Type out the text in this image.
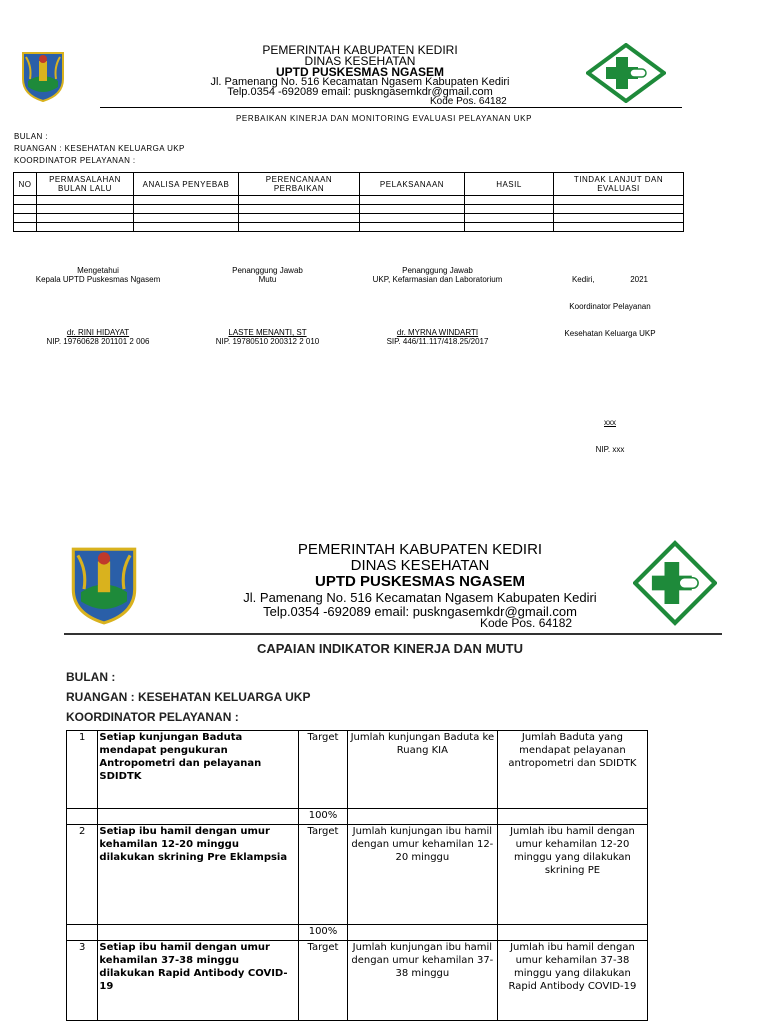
PEMERINTAH KABUPATEN KEDIRI
DINAS KESEHATAN
UPTD PUSKESMAS NGASEM
Jl. Pamenang No. 516 Kecamatan Ngasem Kabupaten Kediri
Telp.0354 -692089 email: puskngasemkdr@gmail.com
Kode Pos. 64182
PERBAIKAN KINERJA DAN MONITORING EVALUASI PELAYANAN UKP
BULAN :
RUANGAN : KESEHATAN KELUARGA UKP
KOORDINATOR PELAYANAN :
NO	PERMASALAHAN BULAN LALU	ANALISA PENYEBAB	PERENCANAAN PERBAIKAN	PELAKSANAAN	HASIL	TINDAK LANJUT DAN EVALUASI

Mengetahui
Kepala UPTD Puskesmas Ngasem
dr. RINI HIDAYAT
NIP. 19760628 201101 2 006

Penanggung Jawab
Mutu
LASTE MENANTI, ST
NIP. 19780510 200312 2 010

Penanggung Jawab
UKP, Kefarmasian dan Laboratorium
dr. MYRNA WINDARTI
SIP. 446/11.117/418.25/2017

Kediri,                2021

Koordinator Pelayanan

Kesehatan Keluarga UKP

xxx

NIP. xxx

PEMERINTAH KABUPATEN KEDIRI
DINAS KESEHATAN
UPTD PUSKESMAS NGASEM
Jl. Pamenang No. 516 Kecamatan Ngasem Kabupaten Kediri
Telp.0354 -692089 email: puskngasemkdr@gmail.com
Kode Pos. 64182
CAPAIAN INDIKATOR KINERJA DAN MUTU
BULAN :
RUANGAN : KESEHATAN KELUARGA UKP
KOORDINATOR PELAYANAN :
1	Setiap kunjungan Baduta mendapat pengukuran Antropometri dan pelayanan SDIDTK	Target	Jumlah kunjungan Baduta ke Ruang KIA	Jumlah Baduta yang mendapat pelayanan antropometri dan SDIDTK
		100%		
2	Setiap ibu hamil dengan umur kehamilan 12-20 minggu dilakukan skrining Pre Eklampsia	Target	Jumlah kunjungan ibu hamil dengan umur kehamilan 12-20 minggu	Jumlah ibu hamil dengan umur kehamilan 12-20 minggu yang dilakukan skrining PE
		100%		
3	Setiap ibu hamil dengan umur kehamilan 37-38 minggu dilakukan Rapid Antibody COVID-19	Target	Jumlah kunjungan ibu hamil dengan umur kehamilan 37-38 minggu	Jumlah ibu hamil dengan umur kehamilan 37-38 minggu yang dilakukan Rapid Antibody COVID-19
